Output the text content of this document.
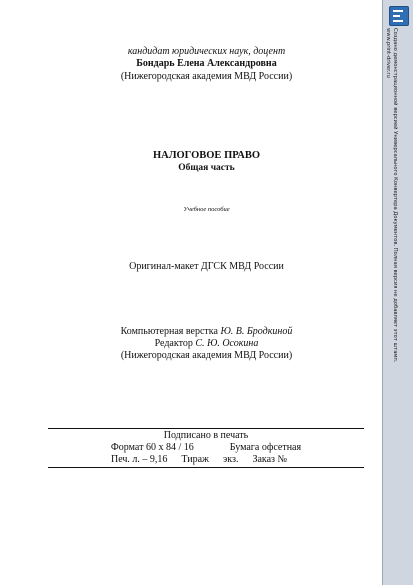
кандидат юридических наук, доцент
Бондарь Елена Александровна
(Нижегородская академия МВД России)
НАЛОГОВОЕ ПРАВО
Общая часть
Учебное пособие
Оригинал-макет ДГСК МВД России
Компьютерная верстка Ю. В. Бродкиной
Редактор С. Ю. Осокина
(Нижегородская академия МВД России)
Подписано в печать
Формат 60 х 84 / 16	Бумага офсетная
Печ. л. – 9,16 Тираж экз. Заказ №
Создано демонстрационной версией Универсального Конвертера Документов. Полная версия не добавляет этот штамп.
www.print-driver.ru
